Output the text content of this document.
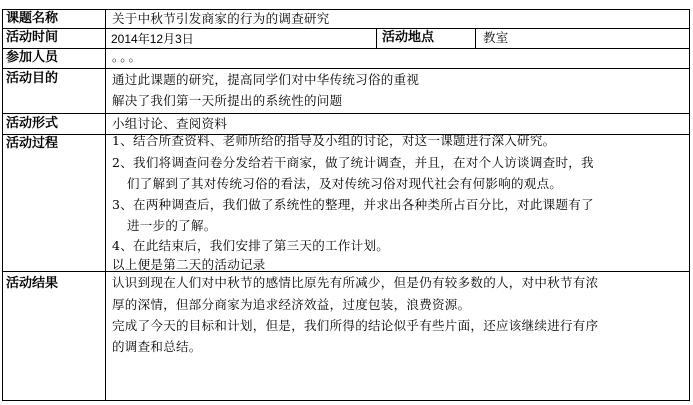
课题名称	关于中秋节引发商家的行为的调查研究
活动时间	2014年12月3日	活动地点	教室
参加人员	。。。
活动目的	通过此课题的研究，提高同学们对中华传统习俗的重视
解决了我们第一天所提出的系统性的问题
活动形式	小组讨论、查阅资料
活动过程	1、结合所查资料、老师所给的指导及小组的讨论，对这一课题进行深入研究。
2、我们将调查问卷分发给若干商家，做了统计调查，并且，在对个人访谈调查时，我
们了解到了其对传统习俗的看法，及对传统习俗对现代社会有何影响的观点。
3、在两种调查后，我们做了系统性的整理，并求出各种类所占百分比，对此课题有了
进一步的了解。
4、在此结束后，我们安排了第三天的工作计划。
以上便是第二天的活动记录
活动结果	认识到现在人们对中秋节的感情比原先有所减少，但是仍有较多数的人，对中秋节有浓
厚的深情，但部分商家为追求经济效益，过度包装，浪费资源。
完成了今天的目标和计划，但是，我们所得的结论似乎有些片面，还应该继续进行有序
的调查和总结。
